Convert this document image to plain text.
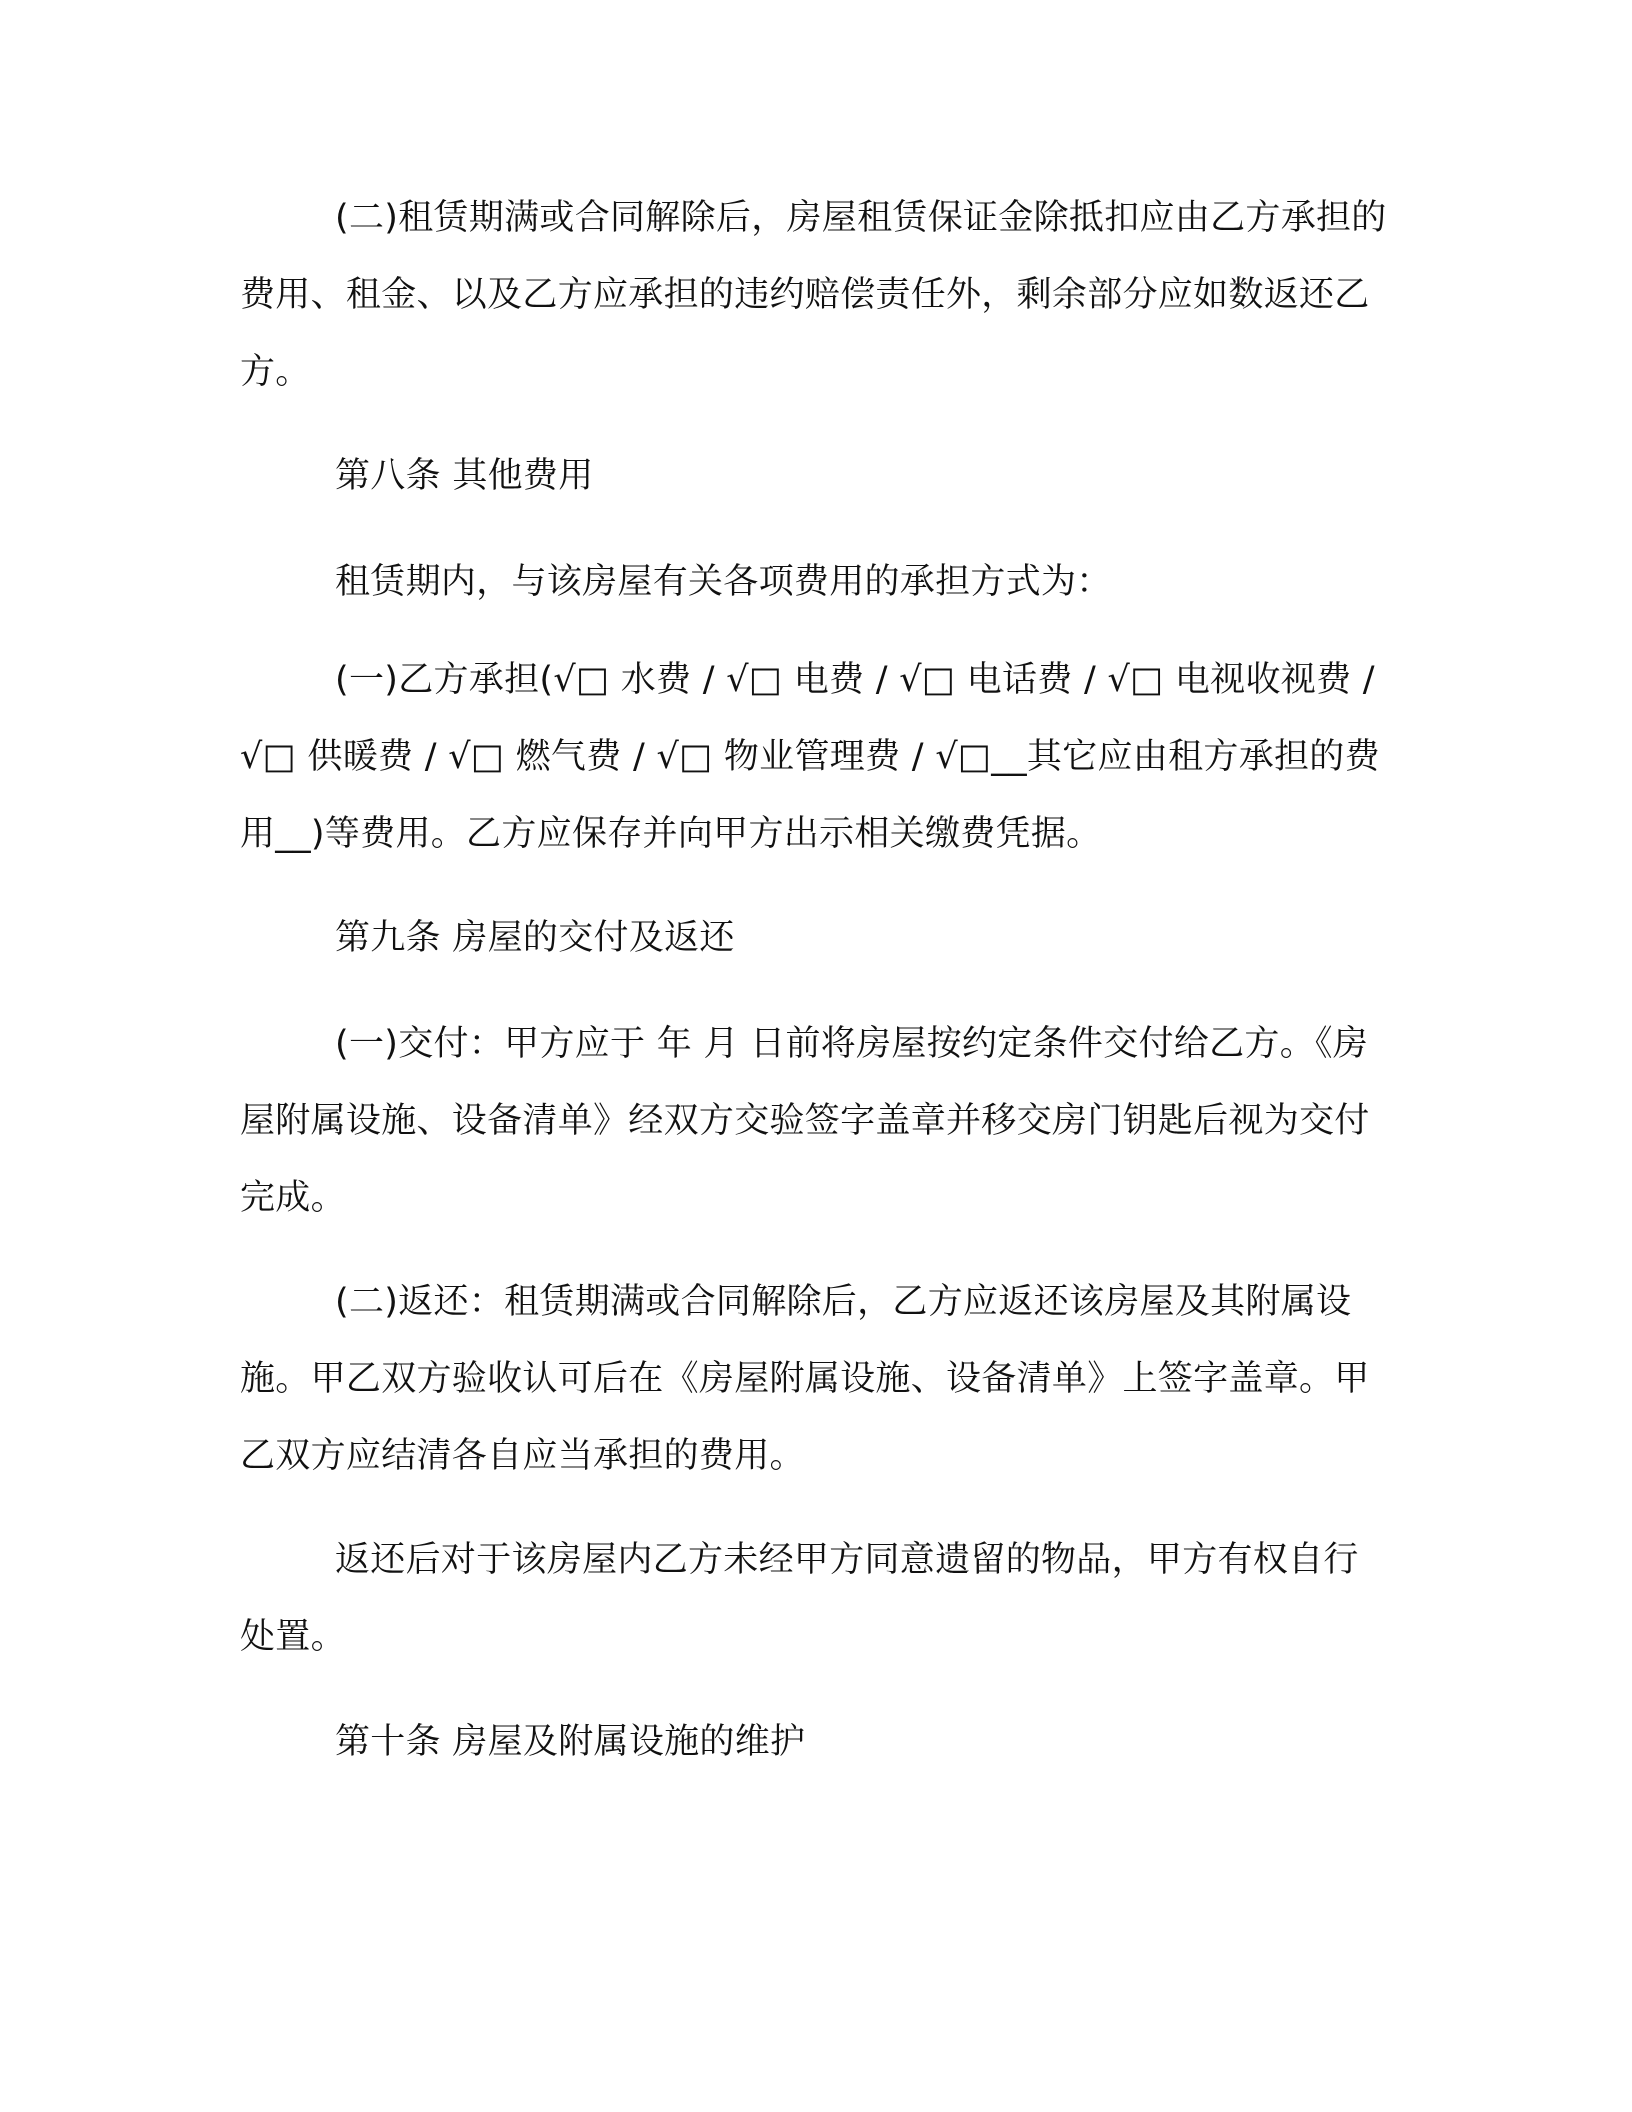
(二)租赁期满或合同解除后，房屋租赁保证金除抵扣应由乙方承担的费用、租金、以及乙方应承担的违约赔偿责任外，剩余部分应如数返还乙方。

第八条 其他费用

租赁期内，与该房屋有关各项费用的承担方式为：

(一)乙方承担(√□ 水费 / √□ 电费 / √□ 电话费 / √□ 电视收视费 / √□ 供暖费 / √□ 燃气费 / √□ 物业管理费 / √□__其它应由租方承担的费用__)等费用。乙方应保存并向甲方出示相关缴费凭据。

第九条 房屋的交付及返还

(一)交付：甲方应于 年 月 日前将房屋按约定条件交付给乙方。《房屋附属设施、设备清单》经双方交验签字盖章并移交房门钥匙后视为交付完成。

(二)返还：租赁期满或合同解除后，乙方应返还该房屋及其附属设施。甲乙双方验收认可后在《房屋附属设施、设备清单》上签字盖章。甲乙双方应结清各自应当承担的费用。

返还后对于该房屋内乙方未经甲方同意遗留的物品，甲方有权自行处置。

第十条 房屋及附属设施的维护
